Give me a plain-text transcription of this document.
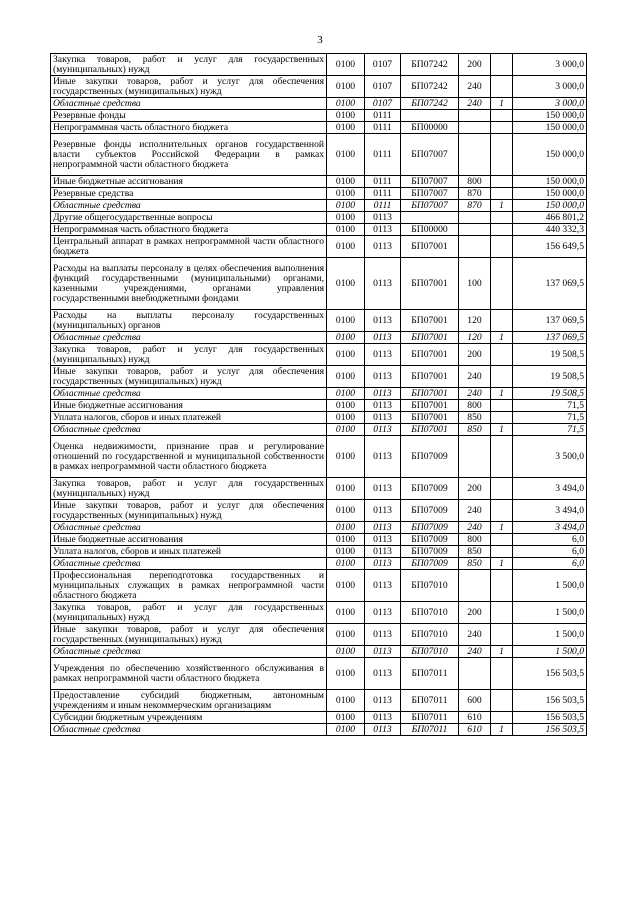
3
Закупка товаров, работ и услуг для государственных (муниципальных) нужд	0100	0107	БП07242	200		3 000,0
Иные закупки товаров, работ и услуг для обеспечения государственных (муниципальных) нужд	0100	0107	БП07242	240		3 000,0
Областные средства	0100	0107	БП07242	240	1	3 000,0
Резервные фонды	0100	0111				150 000,0
Непрограммная часть областного бюджета	0100	0111	БП00000			150 000,0
Резервные фонды исполнительных органов государственной власти субъектов Российской Федерации в рамках непрограммной части областного бюджета	0100	0111	БП07007			150 000,0
Иные бюджетные ассигнования	0100	0111	БП07007	800		150 000,0
Резервные средства	0100	0111	БП07007	870		150 000,0
Областные средства	0100	0111	БП07007	870	1	150 000,0
Другие общегосударственные вопросы	0100	0113				466 801,2
Непрограммная часть областного бюджета	0100	0113	БП00000			440 332,3
Центральный аппарат в рамках непрограммной части областного бюджета	0100	0113	БП07001			156 649,5
Расходы на выплаты персоналу в целях обеспечения выполнения функций государственными (муниципальными) органами, казенными учреждениями, органами управления государственными внебюджетными фондами	0100	0113	БП07001	100		137 069,5
Расходы на выплаты персоналу государственных (муниципальных) органов	0100	0113	БП07001	120		137 069,5
Областные средства	0100	0113	БП07001	120	1	137 069,5
Закупка товаров, работ и услуг для государственных (муниципальных) нужд	0100	0113	БП07001	200		19 508,5
Иные закупки товаров, работ и услуг для обеспечения государственных (муниципальных) нужд	0100	0113	БП07001	240		19 508,5
Областные средства	0100	0113	БП07001	240	1	19 508,5
Иные бюджетные ассигнования	0100	0113	БП07001	800		71,5
Уплата налогов, сборов и иных платежей	0100	0113	БП07001	850		71,5
Областные средства	0100	0113	БП07001	850	1	71,5
Оценка недвижимости, признание прав и регулирование отношений по государственной и муниципальной собственности в рамках непрограммной части областного бюджета	0100	0113	БП07009			3 500,0
Закупка товаров, работ и услуг для государственных (муниципальных) нужд	0100	0113	БП07009	200		3 494,0
Иные закупки товаров, работ и услуг для обеспечения государственных (муниципальных) нужд	0100	0113	БП07009	240		3 494,0
Областные средства	0100	0113	БП07009	240	1	3 494,0
Иные бюджетные ассигнования	0100	0113	БП07009	800		6,0
Уплата налогов, сборов и иных платежей	0100	0113	БП07009	850		6,0
Областные средства	0100	0113	БП07009	850	1	6,0
Профессиональная переподготовка государственных и муниципальных служащих в рамках непрограммной части областного бюджета	0100	0113	БП07010			1 500,0
Закупка товаров, работ и услуг для государственных (муниципальных) нужд	0100	0113	БП07010	200		1 500,0
Иные закупки товаров, работ и услуг для обеспечения государственных (муниципальных) нужд	0100	0113	БП07010	240		1 500,0
Областные средства	0100	0113	БП07010	240	1	1 500,0
Учреждения по обеспечению хозяйственного обслуживания в рамках непрограммной части областного бюджета	0100	0113	БП07011			156 503,5
Предоставление субсидий бюджетным, автономным учреждениям и иным некоммерческим организациям	0100	0113	БП07011	600		156 503,5
Субсидии бюджетным учреждениям	0100	0113	БП07011	610		156 503,5
Областные средства	0100	0113	БП07011	610	1	156 503,5
